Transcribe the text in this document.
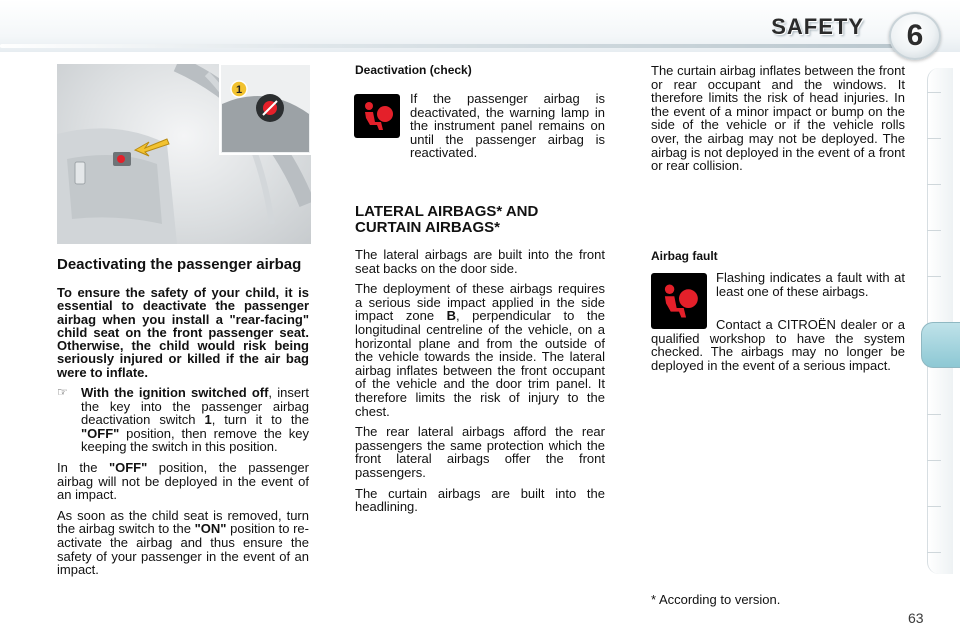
SAFETY 6
1
Deactivating the passenger airbag

To ensure the safety of your child, it is essential to deactivate the passenger airbag when you install a "rear-facing" child seat on the front passenger seat. Otherwise, the child would risk being seriously injured or killed if the air bag were to inflate.

☞ With the ignition switched off, insert the key into the passenger airbag deactivation switch 1, turn it to the "OFF" position, then remove the key keeping the switch in this position.

In the "OFF" position, the passenger airbag will not be deployed in the event of an impact.

As soon as the child seat is removed, turn the airbag switch to the "ON" position to re-activate the airbag and thus ensure the safety of your passenger in the event of an impact.

Deactivation (check)

If the passenger airbag is deactivated, the warning lamp in the instrument panel remains on until the passenger airbag is reactivated.

LATERAL AIRBAGS* AND CURTAIN AIRBAGS*

The lateral airbags are built into the front seat backs on the door side.

The deployment of these airbags requires a serious side impact applied in the side impact zone B, perpendicular to the longitudinal centreline of the vehicle, on a horizontal plane and from the outside of the vehicle towards the inside. The lateral airbag inflates between the front occupant of the vehicle and the door trim panel. It therefore limits the risk of injury to the chest.

The rear lateral airbags afford the rear passengers the same protection which the front lateral airbags offer the front passengers.

The curtain airbags are built into the headlining.

The curtain airbag inflates between the front or rear occupant and the windows. It therefore limits the risk of head injuries. In the event of a minor impact or bump on the side of the vehicle or if the vehicle rolls over, the airbag may not be deployed. The airbag is not deployed in the event of a front or rear collision.

Airbag fault

Flashing indicates a fault with at least one of these airbags.

Contact a CITROËN dealer or a qualified workshop to have the system checked. The airbags may no longer be deployed in the event of a serious impact.

* According to version.
63
